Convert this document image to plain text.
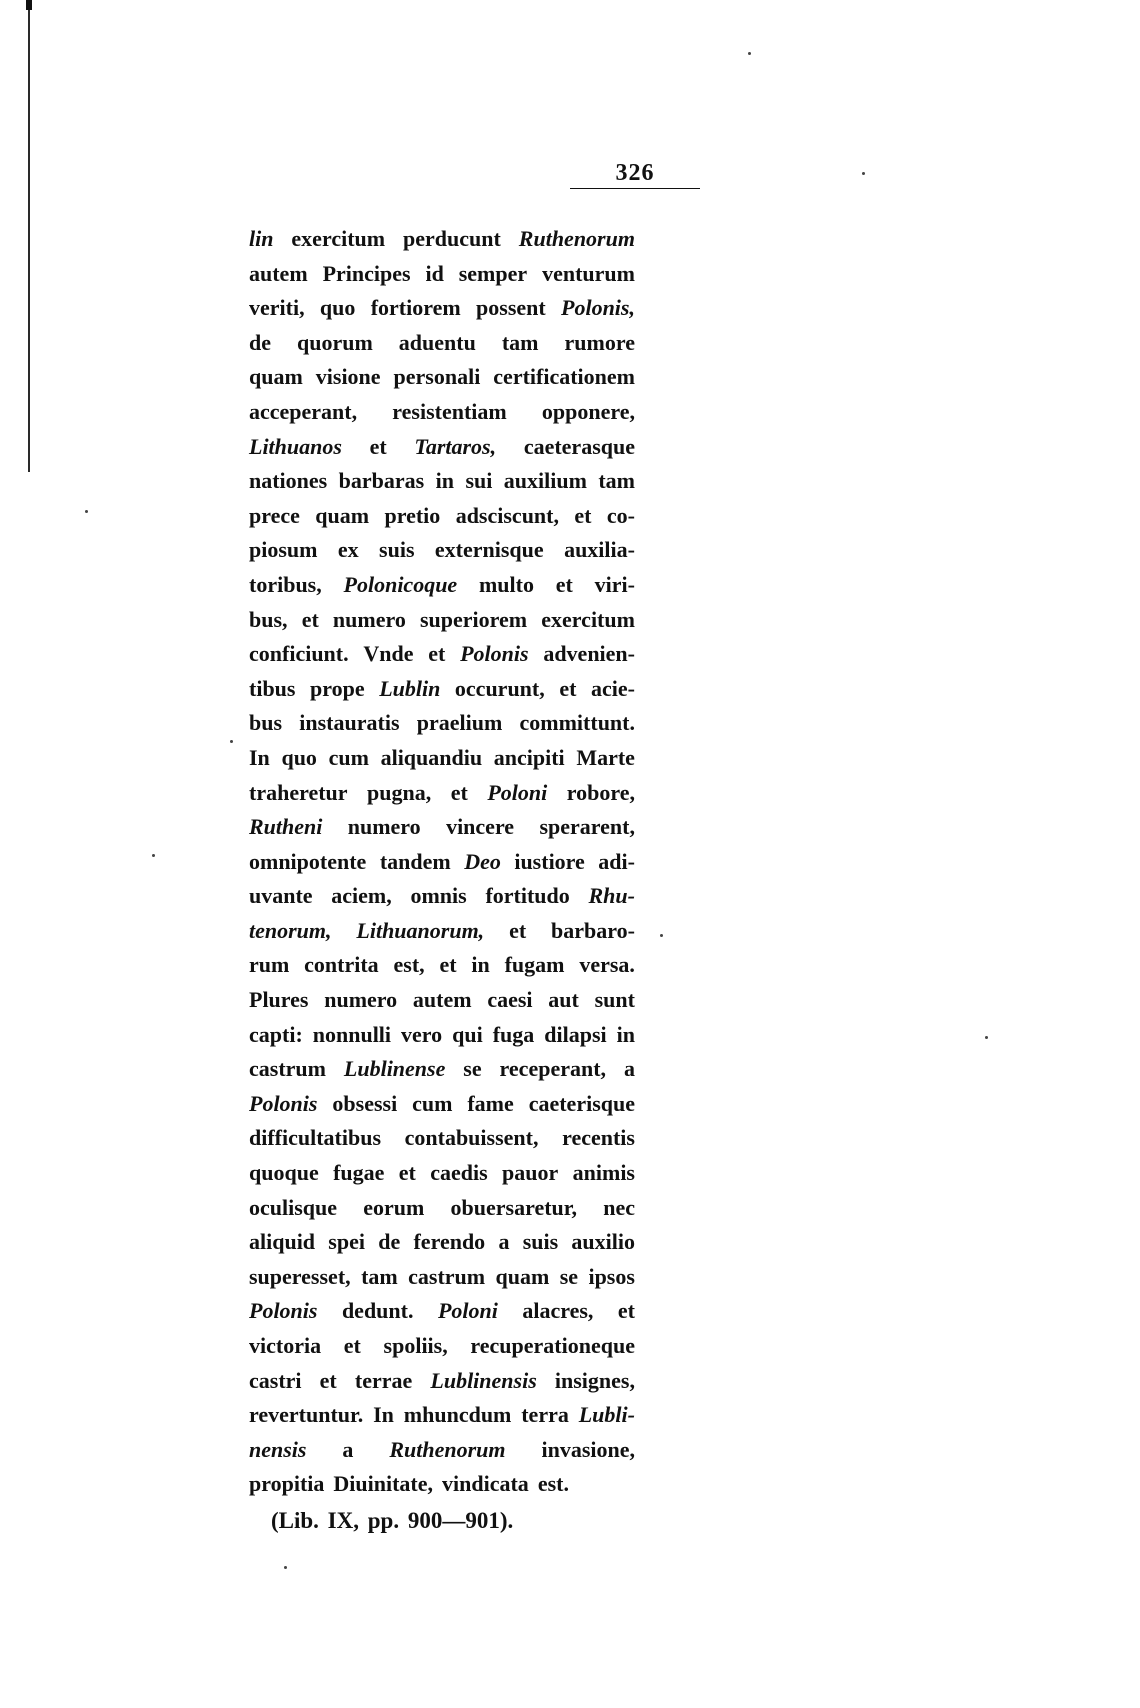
326
lin exercitum perducunt Ruthenorum
autem Principes id semper venturum
veriti, quo fortiorem possent Polonis,
de quorum aduentu tam rumore
quam visione personali certificationem
acceperant, resistentiam opponere,
Lithuanos et Tartaros, caeterasque
nationes barbaras in sui auxilium tam
prece quam pretio adsciscunt, et co-
piosum ex suis externisque auxilia-
toribus, Polonicoque multo et viri-
bus, et numero superiorem exercitum
conficiunt. Vnde et Polonis advenien-
tibus prope Lublin occurunt, et acie-
bus instauratis praelium committunt.
In quo cum aliquandiu ancipiti Marte
traheretur pugna, et Poloni robore,
Rutheni numero vincere sperarent,
omnipotente tandem Deo iustiore adi-
uvante aciem, omnis fortitudo Rhu-
tenorum, Lithuanorum, et barbaro-
rum contrita est, et in fugam versa.
Plures numero autem caesi aut sunt
capti: nonnulli vero qui fuga dilapsi in
castrum Lublinense se receperant, a
Polonis obsessi cum fame caeterisque
difficultatibus contabuissent, recentis
quoque fugae et caedis pauor animis
oculisque eorum obuersaretur, nec
aliquid spei de ferendo a suis auxilio
superesset, tam castrum quam se ipsos
Polonis dedunt. Poloni alacres, et
victoria et spoliis, recuperationeque
castri et terrae Lublinensis insignes,
revertuntur. In mhuncdum terra Lubli-
nensis a Ruthenorum invasione,
propitia Diuinitate, vindicata est.
(Lib. IX, pp. 900—901).
